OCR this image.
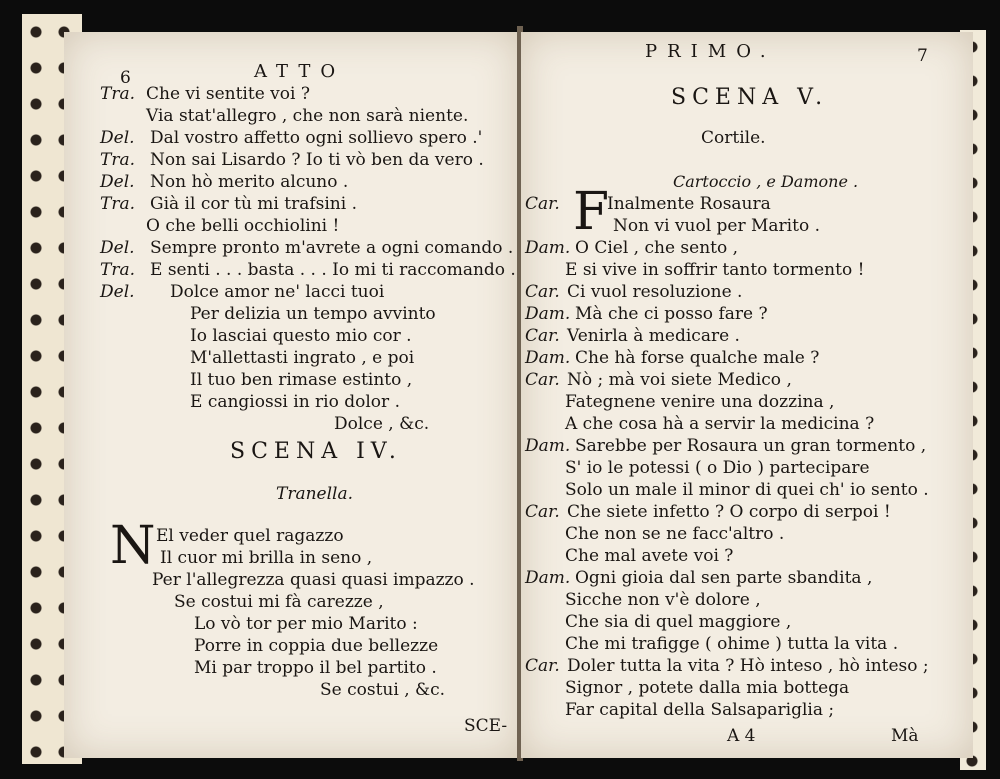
6	ATTO
Tra. Che vi sentite voi ?
Via stat'allegro , che non sarà niente.
Del. Dal vostro affetto ogni sollievo spero .'
Tra. Non sai Lisardo ? Io ti vò ben da vero .
Del. Non hò merito alcuno .
Tra. Già il cor tù mi trafsini .
O che belli occhiolini !
Del. Sempre pronto m'avrete a ogni comando .
Tra. E senti . . . basta . . . Io mi ti raccomando .
Del. Dolce amor ne' lacci tuoi
Per delizia un tempo avvinto
Io lasciai questo mio cor .
M'allettasti ingrato , e poi
Il tuo ben rimase estinto ,
E cangiossi in rio dolor .
Dolce , &c.
SCENA IV.
Tranella.
N El veder quel ragazzo
Il cuor mi brilla in seno ,
Per l'allegrezza quasi quasi impazzo .
Se costui mi fà carezze ,
Lo vò tor per mio Marito :
Porre in coppia due bellezze
Mi par troppo il bel partito .
Se costui , &c.
SCE-
PRIMO.	7
SCENA V.
Cortile.
Cartoccio , e Damone .
F
Car.	Inalmente Rosaura
Non vi vuol per Marito .
Dam. O Ciel , che sento ,
E si vive in soffrir tanto tormento !
Car. Ci vuol resoluzione .
Dam. Mà che ci posso fare ?
Car. Venirla à medicare .
Dam. Che hà forse qualche male ?
Car. Nò ; mà voi siete Medico ,
Fategnene venire una dozzina ,
A che cosa hà a servir la medicina ?
Dam. Sarebbe per Rosaura un gran tormento ,
S' io le potessi ( o Dio ) partecipare
Solo un male il minor di quei ch' io sento .
Car. Che siete infetto ? O corpo di serpoi !
Che non se ne facc'altro .
Che mal avete voi ?
Dam. Ogni gioia dal sen parte sbandita ,
Sicche non v'è dolore ,
Che sia di quel maggiore ,
Che mi trafigge ( ohime ) tutta la vita .
Car. Doler tutta la vita ? Hò inteso , hò inteso ;
Signor , potete dalla mia bottega
Far capital della Salsapariglia ;
A 4	Mà
